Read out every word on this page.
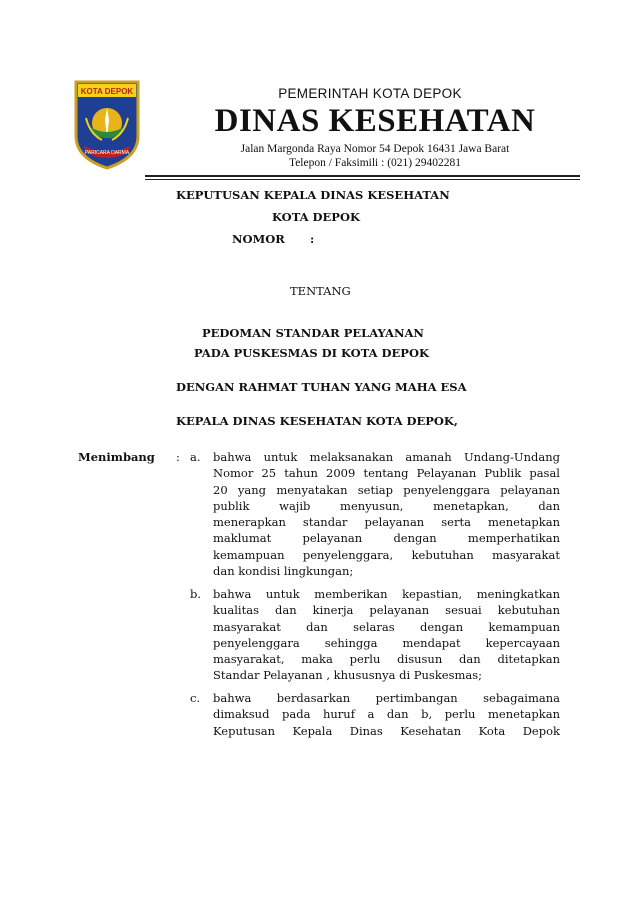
KOTA DEPOK
PARICARA DARMA
PEMERINTAH KOTA DEPOK
DINAS KESEHATAN
Jalan Margonda Raya Nomor 54 Depok 16431 Jawa Barat
Telepon / Faksimili : (021) 29402281
KEPUTUSAN KEPALA DINAS KESEHATAN
KOTA DEPOK
NOMOR :
TENTANG
PEDOMAN STANDAR PELAYANAN
PADA PUSKESMAS DI KOTA DEPOK
DENGAN RAHMAT TUHAN YANG MAHA ESA
KEPALA DINAS KESEHATAN KOTA DEPOK,
Menimbang : a. bahwa untuk melaksanakan amanah Undang-Undang
Nomor 25 tahun 2009 tentang Pelayanan Publik pasal
20 yang menyatakan setiap penyelenggara pelayanan
publik wajib menyusun, menetapkan, dan
menerapkan standar pelayanan serta menetapkan
maklumat pelayanan dengan memperhatikan
kemampuan penyelenggara, kebutuhan masyarakat
dan kondisi lingkungan;
b. bahwa untuk memberikan kepastian, meningkatkan
kualitas dan kinerja pelayanan sesuai kebutuhan
masyarakat dan selaras dengan kemampuan
penyelenggara sehingga mendapat kepercayaan
masyarakat, maka perlu disusun dan ditetapkan
Standar Pelayanan , khususnya di Puskesmas;
c. bahwa berdasarkan pertimbangan sebagaimana
dimaksud pada huruf a dan b, perlu menetapkan
Keputusan Kepala Dinas Kesehatan Kota Depok
